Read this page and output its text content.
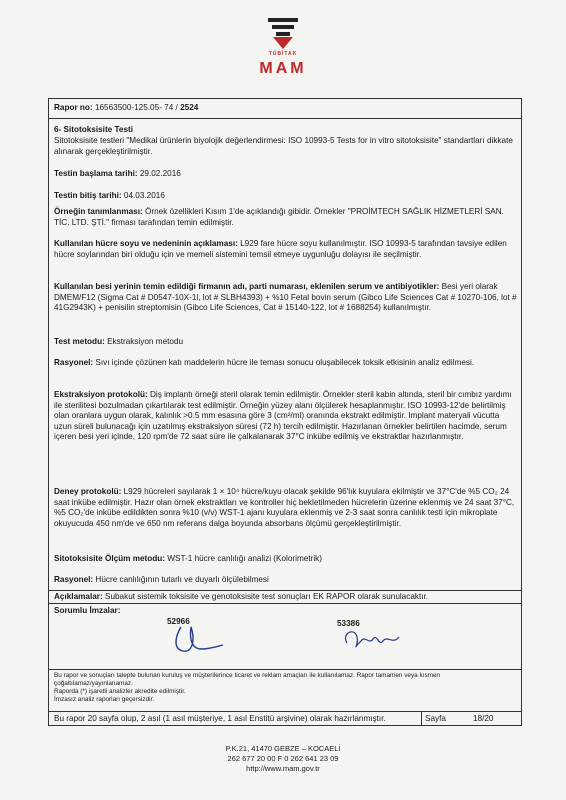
TÜBİTAK
MAM
Rapor no: 16563500-125.05- 74 / 2524
6- Sitotoksisite Testi
Sitotoksisite testleri "Medikal ürünlerin biyolojik değerlendirmesi: ISO 10993-5 Tests for in vitro sitotoksisite" standartları dikkate alınarak gerçekleştirilmiştir.
Testin başlama tarihi: 29.02.2016
Testin bitiş tarihi: 04.03.2016
Örneğin tanımlanması: Örnek özellikleri Kısım 1'de açıklandığı gibidir. Örnekler "PROİMTECH SAĞLIK HİZMETLERİ SAN. TİC. LTD. ŞTİ." firması tarafından temin edilmiştir.
Kullanılan hücre soyu ve nedeninin açıklaması: L929 fare hücre soyu kullanılmıştır. ISO 10993-5 tarafından tavsiye edilen hücre soylarından biri olduğu için ve memeli sistemini temsil etmeye uygunluğu dolayısı ile seçilmiştir.
Kullanılan besi yerinin temin edildiği firmanın adı, parti numarası, eklenilen serum ve antibiyotikler: Besi yeri olarak DMEM/F12 (Sigma Cat # D0547-10X-1l, lot # SLBH4393) + %10 Fetal bovin serum (Gibco Life Sciences Cat # 10270-106, lot # 41G2943K) + penisilin streptomisin (Gibco Life Sciences, Cat # 15140-122, lot # 1688254) kullanılmıştır.
Test metodu: Ekstraksiyon metodu
Rasyonel: Sıvı içinde çözünen katı maddelerin hücre ile teması sonucu oluşabilecek toksik etkisinin analiz edilmesi.
Ekstraksiyon protokolü: Diş implantı örneği steril olarak temin edilmiştir. Örnekler steril kabin altında, steril bir cımbız yardımı ile sterilitesi bozulmadan çıkartılarak test edilmiştir. Örneğin yüzey alanı ölçülerek hesaplanmıştır. ISO 10993-12'de belirtilmiş olan oranlara uygun olarak, kalınlık >0.5 mm esasına göre 3 (cm²/ml) oranında ekstrakt edilmiştir. Implant materyali vücutta uzun süreli bulunacağı için uzatılmış ekstraksiyon süresi (72 h) tercih edilmiştir. Hazırlanan örnekler belirtilen hacimde, serum içeren besi yeri içinde, 120 rpm'de 72 saat süre ile çalkalanarak 37°C inkübe edilmiş ve ekstraktlar hazırlanmıştır.
Deney protokolü: L929 hücreleri sayılarak 1 × 10⁴ hücre/kuyu olacak şekilde 96'lık kuyulara ekilmiştir ve 37°C'de %5 CO₂ 24 saat inkübe edilmiştir. Hazır olan örnek ekstraktları ve kontroller hiç bekletilmeden hücrelerin üzerine eklenmiş ve 24 saat 37°C, %5 CO₂'de inkübe edildikten sonra %10 (v/v) WST-1 ajanı kuyulara eklenmiş ve 2-3 saat sonra canlılık testi için mikroplate okuyucuda 450 nm'de ve 650 nm referans dalga boyunda absorbans ölçümü gerçekleştirilmiştir.
Sitotoksisite Ölçüm metodu: WST-1 hücre canlılığı analizi (Kolorimetrik)
Rasyonel: Hücre canlılığının tutarlı ve duyarlı ölçülebilmesi
Açıklamalar: Subakut sistemik toksisite ve genotoksisite test sonuçları EK RAPOR olarak sunulacaktır.
Sorumlu İmzalar:
52966	53386
Bu rapor ve sonuçları talepte bulunan kuruluş ve müşterilerince ticaret ve reklam amaçları ile kullanılamaz. Rapor tamamen veya kısmen çoğaltılamaz/yayınlanamaz.
Raporda (*) işaretli analizler akredite edilmiştir.
İmzasız analiz raporları geçersizdir.
Bu rapor 20 sayfa olup, 2 asıl (1 asıl müşteriye, 1 asıl Enstitü arşivine) olarak hazırlanmıştır.	Sayfa	18/20
P.K.21, 41470 GEBZE – KOCAELİ
262 677 20 00 F 0 262 641 23 09
http://www.mam.gov.tr
